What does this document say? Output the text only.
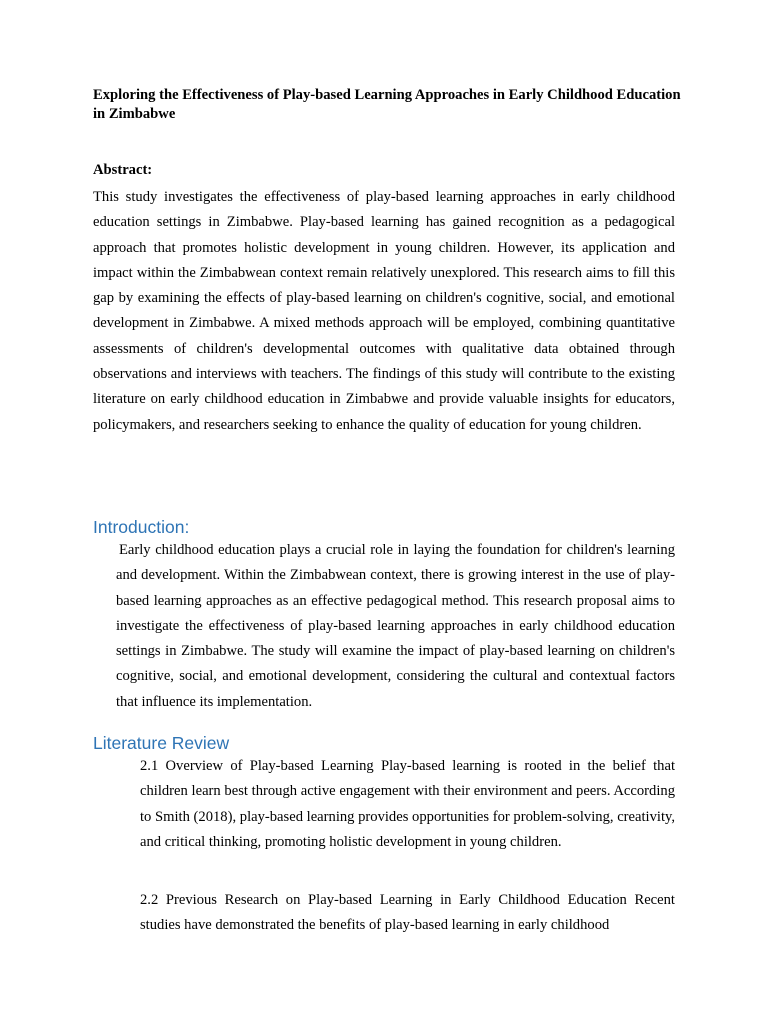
Exploring the Effectiveness of Play-based Learning Approaches in Early Childhood Education in Zimbabwe
Abstract:

This study investigates the effectiveness of play-based learning approaches in early childhood education settings in Zimbabwe. Play-based learning has gained recognition as a pedagogical approach that promotes holistic development in young children. However, its application and impact within the Zimbabwean context remain relatively unexplored. This research aims to fill this gap by examining the effects of play-based learning on children's cognitive, social, and emotional development in Zimbabwe. A mixed methods approach will be employed, combining quantitative assessments of children's developmental outcomes with qualitative data obtained through observations and interviews with teachers. The findings of this study will contribute to the existing literature on early childhood education in Zimbabwe and provide valuable insights for educators, policymakers, and researchers seeking to enhance the quality of education for young children.

Introduction:

Early childhood education plays a crucial role in laying the foundation for children's learning and development. Within the Zimbabwean context, there is growing interest in the use of play-based learning approaches as an effective pedagogical method. This research proposal aims to investigate the effectiveness of play-based learning approaches in early childhood education settings in Zimbabwe. The study will examine the impact of play-based learning on children's cognitive, social, and emotional development, considering the cultural and contextual factors that influence its implementation.

Literature Review

2.1 Overview of Play-based Learning Play-based learning is rooted in the belief that children learn best through active engagement with their environment and peers. According to Smith (2018), play-based learning provides opportunities for problem-solving, creativity, and critical thinking, promoting holistic development in young children.

2.2 Previous Research on Play-based Learning in Early Childhood Education Recent studies have demonstrated the benefits of play-based learning in early childhood
